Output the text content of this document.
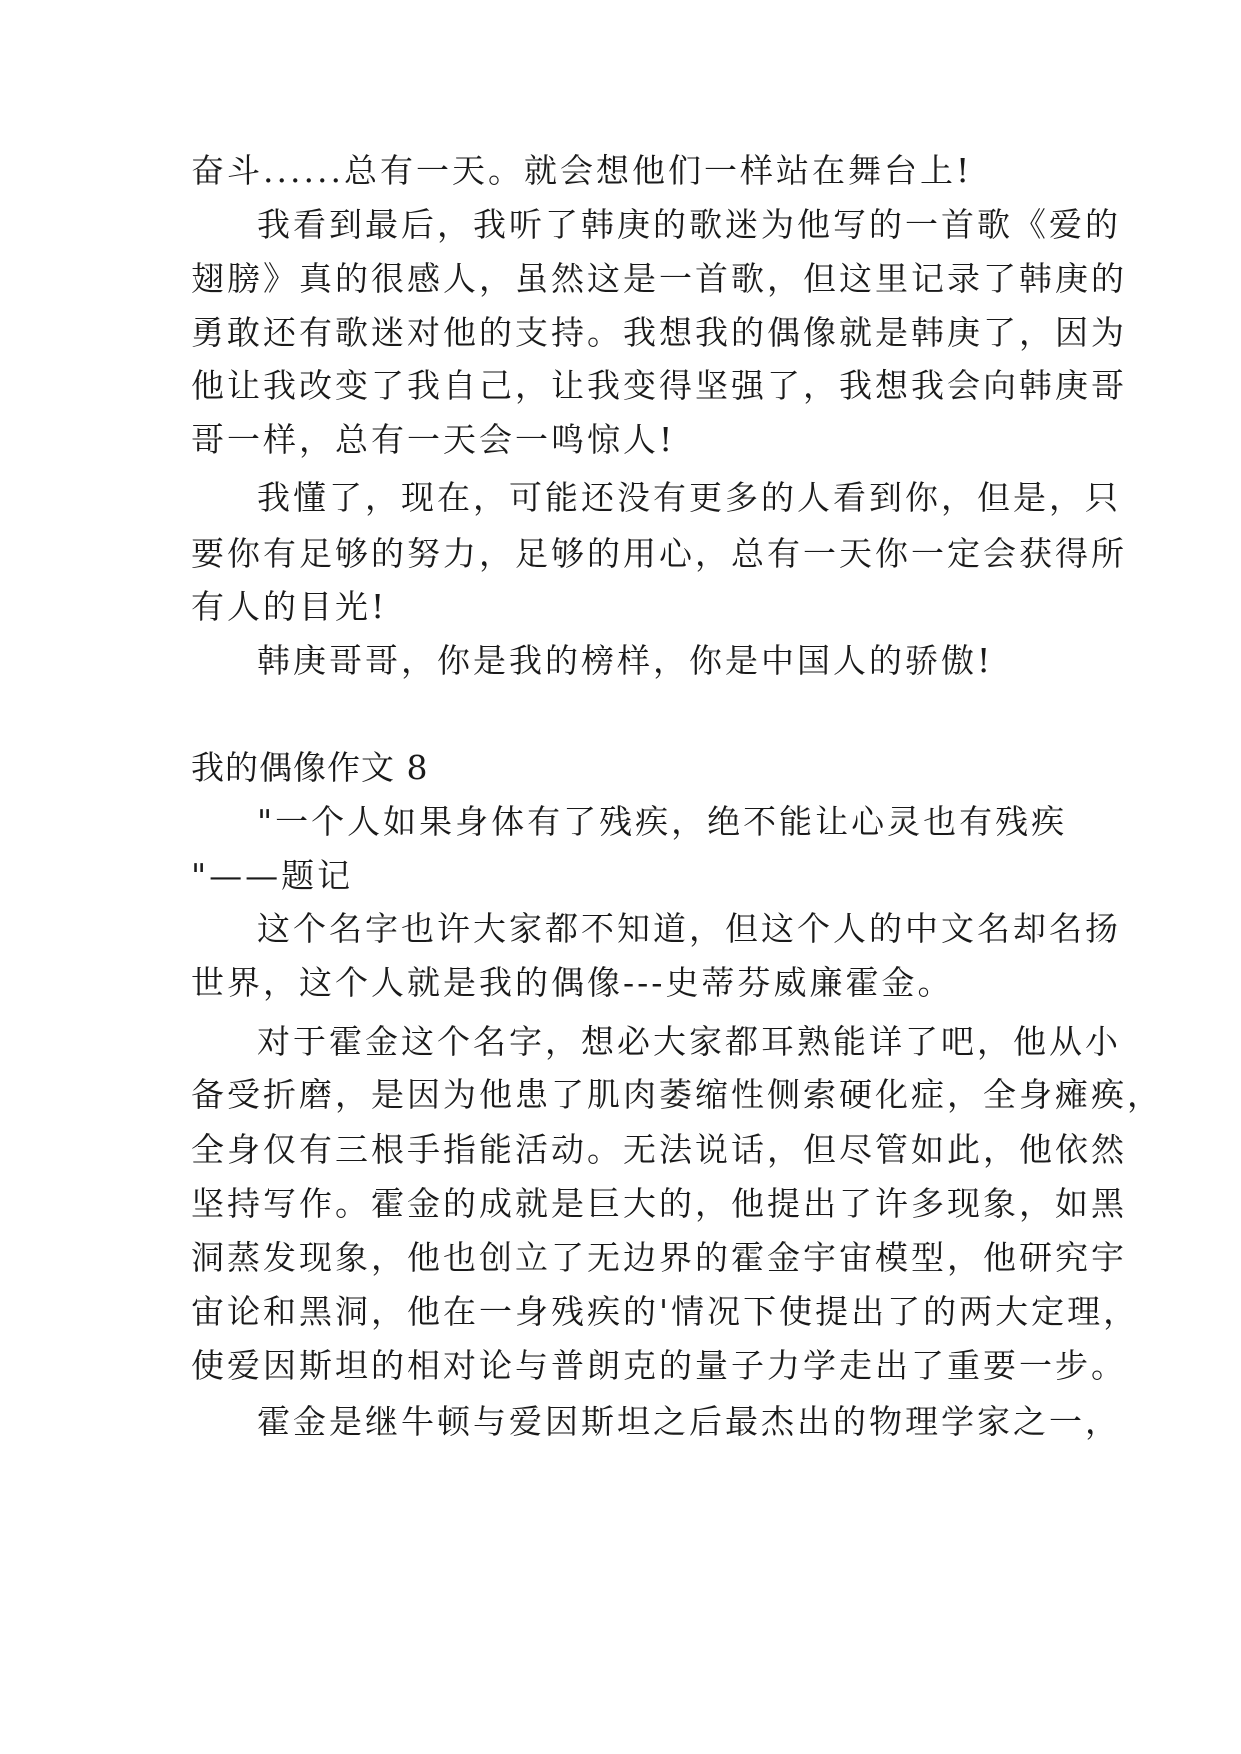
奋斗......总有一天。就会想他们一样站在舞台上!
我看到最后，我听了韩庚的歌迷为他写的一首歌《爱的
翅膀》真的很感人，虽然这是一首歌，但这里记录了韩庚的
勇敢还有歌迷对他的支持。我想我的偶像就是韩庚了，因为
他让我改变了我自己，让我变得坚强了，我想我会向韩庚哥
哥一样，总有一天会一鸣惊人!
我懂了，现在，可能还没有更多的人看到你，但是，只
要你有足够的努力，足够的用心，总有一天你一定会获得所
有人的目光!
韩庚哥哥，你是我的榜样，你是中国人的骄傲!
我的偶像作文 8
"一个人如果身体有了残疾，绝不能让心灵也有残疾
"——题记
这个名字也许大家都不知道，但这个人的中文名却名扬
世界，这个人就是我的偶像---史蒂芬威廉霍金。
对于霍金这个名字，想必大家都耳熟能详了吧，他从小
备受折磨，是因为他患了肌肉萎缩性侧索硬化症，全身瘫痪，
全身仅有三根手指能活动。无法说话，但尽管如此，他依然
坚持写作。霍金的成就是巨大的，他提出了许多现象，如黑
洞蒸发现象，他也创立了无边界的霍金宇宙模型，他研究宇
宙论和黑洞，他在一身残疾的'情况下使提出了的两大定理，
使爱因斯坦的相对论与普朗克的量子力学走出了重要一步。
霍金是继牛顿与爱因斯坦之后最杰出的物理学家之一，
